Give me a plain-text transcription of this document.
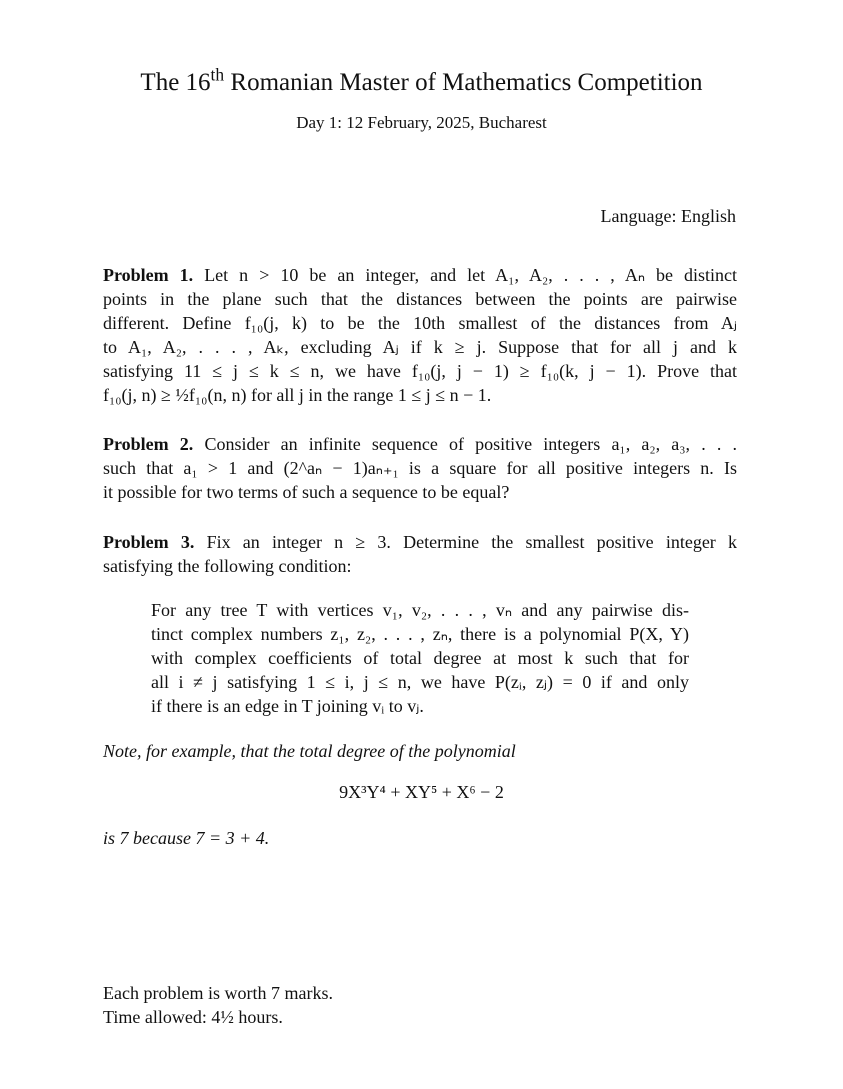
The 16th Romanian Master of Mathematics Competition
Day 1: 12 February, 2025, Bucharest
Language: English
Problem 1. Let n > 10 be an integer, and let A₁, A₂, . . . , Aₙ be distinct
points in the plane such that the distances between the points are pairwise
different. Define f₁₀(j, k) to be the 10th smallest of the distances from Aⱼ
to A₁, A₂, . . . , Aₖ, excluding Aⱼ if k ≥ j. Suppose that for all j and k
satisfying 11 ≤ j ≤ k ≤ n, we have f₁₀(j, j − 1) ≥ f₁₀(k, j − 1). Prove that
f₁₀(j, n) ≥ ½f₁₀(n, n) for all j in the range 1 ≤ j ≤ n − 1.
Problem 2. Consider an infinite sequence of positive integers a₁, a₂, a₃, . . .
such that a₁ > 1 and (2^aₙ − 1)aₙ₊₁ is a square for all positive integers n. Is
it possible for two terms of such a sequence to be equal?
Problem 3. Fix an integer n ≥ 3. Determine the smallest positive integer k
satisfying the following condition:
For any tree T with vertices v₁, v₂, . . . , vₙ and any pairwise dis-
tinct complex numbers z₁, z₂, . . . , zₙ, there is a polynomial P(X, Y)
with complex coefficients of total degree at most k such that for
all i ≠ j satisfying 1 ≤ i, j ≤ n, we have P(zᵢ, zⱼ) = 0 if and only
if there is an edge in T joining vᵢ to vⱼ.
Note, for example, that the total degree of the polynomial
9X³Y⁴ + XY⁵ + X⁶ − 2
is 7 because 7 = 3 + 4.
Each problem is worth 7 marks.
Time allowed: 4½ hours.
